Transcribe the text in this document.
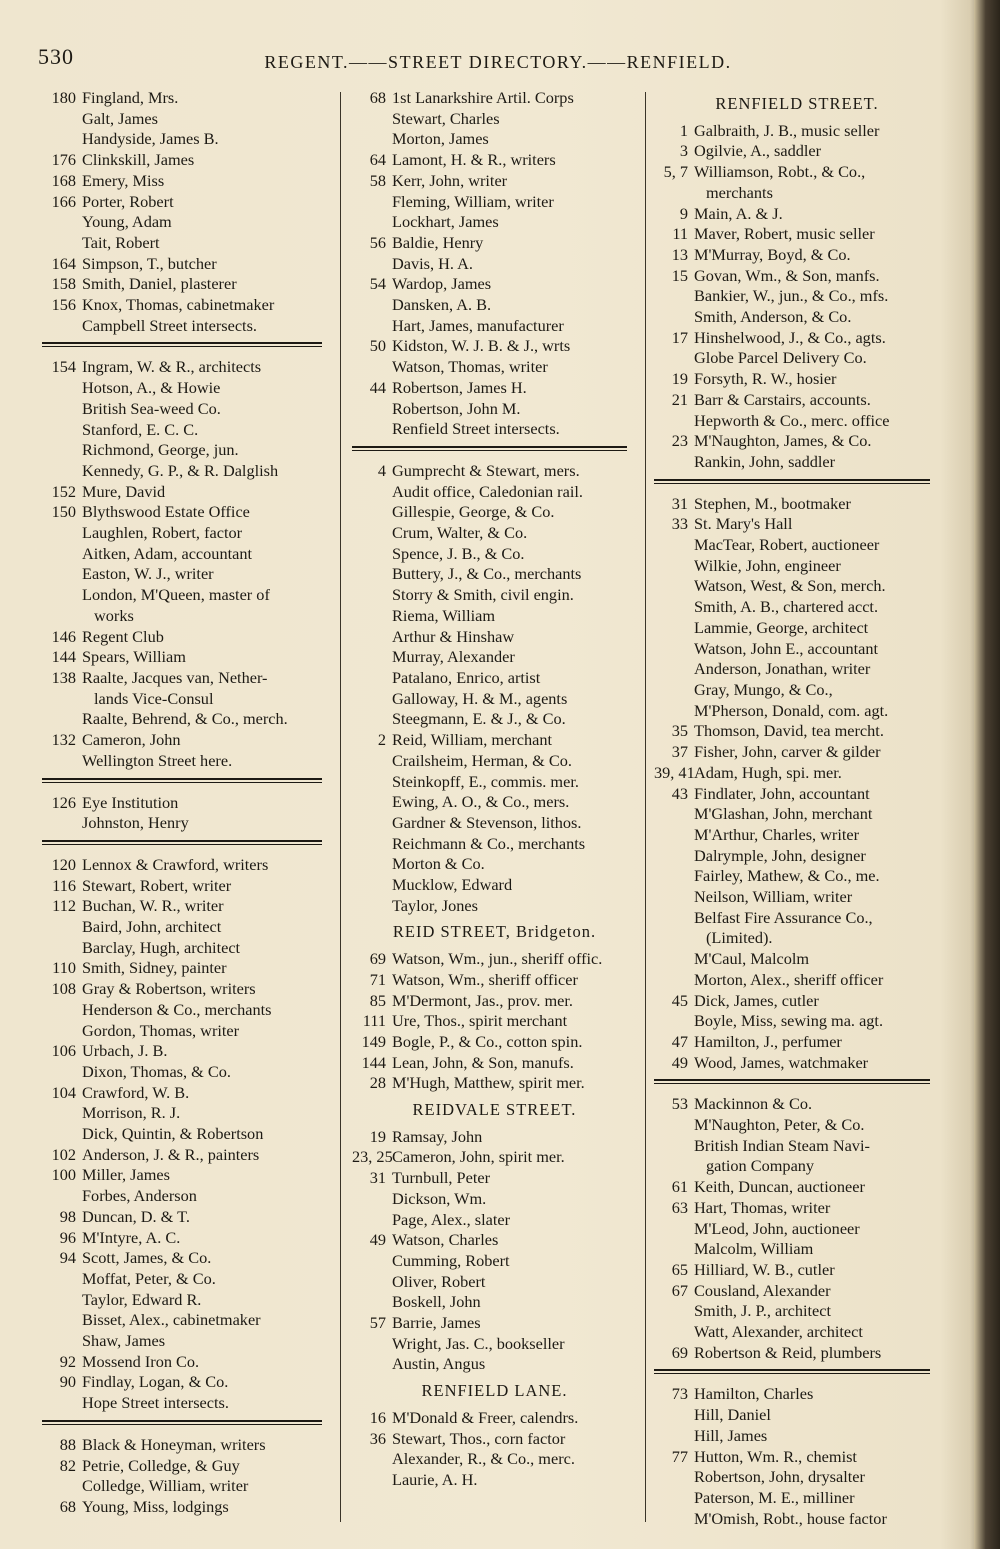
530	REGENT.——STREET DIRECTORY.——RENFIELD.
180 Fingland, Mrs.
Galt, James
Handyside, James B.
176 Clinkskill, James
168 Emery, Miss
166 Porter, Robert
Young, Adam
Tait, Robert
164 Simpson, T., butcher
158 Smith, Daniel, plasterer
156 Knox, Thomas, cabinetmaker
Campbell Street intersects.
154 Ingram, W. & R., architects
Hotson, A., & Howie
British Sea-weed Co.
Stanford, E. C. C.
Richmond, George, jun.
Kennedy, G. P., & R. Dalglish
152 Mure, David
150 Blythswood Estate Office
Laughlen, Robert, factor
Aitken, Adam, accountant
Easton, W. J., writer
London, M'Queen, master of
works
146 Regent Club
144 Spears, William
138 Raalte, Jacques van, Nether-
lands Vice-Consul
Raalte, Behrend, & Co., merch.
132 Cameron, John
Wellington Street here.
126 Eye Institution
Johnston, Henry
120 Lennox & Crawford, writers
116 Stewart, Robert, writer
112 Buchan, W. R., writer
Baird, John, architect
Barclay, Hugh, architect
110 Smith, Sidney, painter
108 Gray & Robertson, writers
Henderson & Co., merchants
Gordon, Thomas, writer
106 Urbach, J. B.
Dixon, Thomas, & Co.
104 Crawford, W. B.
Morrison, R. J.
Dick, Quintin, & Robertson
102 Anderson, J. & R., painters
100 Miller, James
Forbes, Anderson
98 Duncan, D. & T.
96 M'Intyre, A. C.
94 Scott, James, & Co.
Moffat, Peter, & Co.
Taylor, Edward R.
Bisset, Alex., cabinetmaker
Shaw, James
92 Mossend Iron Co.
90 Findlay, Logan, & Co.
Hope Street intersects.
88 Black & Honeyman, writers
82 Petrie, Colledge, & Guy
Colledge, William, writer
68 Young, Miss, lodgings
68 1st Lanarkshire Artil. Corps
Stewart, Charles
Morton, James
64 Lamont, H. & R., writers
58 Kerr, John, writer
Fleming, William, writer
Lockhart, James
56 Baldie, Henry
Davis, H. A.
54 Wardop, James
Dansken, A. B.
Hart, James, manufacturer
50 Kidston, W. J. B. & J., wrts
Watson, Thomas, writer
44 Robertson, James H.
Robertson, John M.
Renfield Street intersects.
4 Gumprecht & Stewart, mers.
Audit office, Caledonian rail.
Gillespie, George, & Co.
Crum, Walter, & Co.
Spence, J. B., & Co.
Buttery, J., & Co., merchants
Storry & Smith, civil engin.
Riema, William
Arthur & Hinshaw
Murray, Alexander
Patalano, Enrico, artist
Galloway, H. & M., agents
Steegmann, E. & J., & Co.
2 Reid, William, merchant
Crailsheim, Herman, & Co.
Steinkopff, E., commis. mer.
Ewing, A. O., & Co., mers.
Gardner & Stevenson, lithos.
Reichmann & Co., merchants
Morton & Co.
Mucklow, Edward
Taylor, Jones
REID STREET, Bridgeton.
69 Watson, Wm., jun., sheriff offic.
71 Watson, Wm., sheriff officer
85 M'Dermont, Jas., prov. mer.
111 Ure, Thos., spirit merchant
149 Bogle, P., & Co., cotton spin.
144 Lean, John, & Son, manufs.
28 M'Hugh, Matthew, spirit mer.
REIDVALE STREET.
19 Ramsay, John
23, 25 Cameron, John, spirit mer.
31 Turnbull, Peter
Dickson, Wm.
Page, Alex., slater
49 Watson, Charles
Cumming, Robert
Oliver, Robert
Boskell, John
57 Barrie, James
Wright, Jas. C., bookseller
Austin, Angus
RENFIELD LANE.
16 M'Donald & Freer, calendrs.
36 Stewart, Thos., corn factor
Alexander, R., & Co., merc.
Laurie, A. H.
RENFIELD STREET.
1 Galbraith, J. B., music seller
3 Ogilvie, A., saddler
5, 7 Williamson, Robt., & Co.,
merchants
9 Main, A. & J.
11 Maver, Robert, music seller
13 M'Murray, Boyd, & Co.
15 Govan, Wm., & Son, manfs.
Bankier, W., jun., & Co., mfs.
Smith, Anderson, & Co.
17 Hinshelwood, J., & Co., agts.
Globe Parcel Delivery Co.
19 Forsyth, R. W., hosier
21 Barr & Carstairs, accounts.
Hepworth & Co., merc. office
23 M'Naughton, James, & Co.
Rankin, John, saddler
31 Stephen, M., bootmaker
33 St. Mary's Hall
MacTear, Robert, auctioneer
Wilkie, John, engineer
Watson, West, & Son, merch.
Smith, A. B., chartered acct.
Lammie, George, architect
Watson, John E., accountant
Anderson, Jonathan, writer
Gray, Mungo, & Co.,
M'Pherson, Donald, com. agt.
35 Thomson, David, tea mercht.
37 Fisher, John, carver & gilder
39, 41 Adam, Hugh, spi. mer.
43 Findlater, John, accountant
M'Glashan, John, merchant
M'Arthur, Charles, writer
Dalrymple, John, designer
Fairley, Mathew, & Co., me.
Neilson, William, writer
Belfast Fire Assurance Co.,
(Limited).
M'Caul, Malcolm
Morton, Alex., sheriff officer
45 Dick, James, cutler
Boyle, Miss, sewing ma. agt.
47 Hamilton, J., perfumer
49 Wood, James, watchmaker
53 Mackinnon & Co.
M'Naughton, Peter, & Co.
British Indian Steam Navi-
gation Company
61 Keith, Duncan, auctioneer
63 Hart, Thomas, writer
M'Leod, John, auctioneer
Malcolm, William
65 Hilliard, W. B., cutler
67 Cousland, Alexander
Smith, J. P., architect
Watt, Alexander, architect
69 Robertson & Reid, plumbers
73 Hamilton, Charles
Hill, Daniel
Hill, James
77 Hutton, Wm. R., chemist
Robertson, John, drysalter
Paterson, M. E., milliner
M'Omish, Robt., house factor
